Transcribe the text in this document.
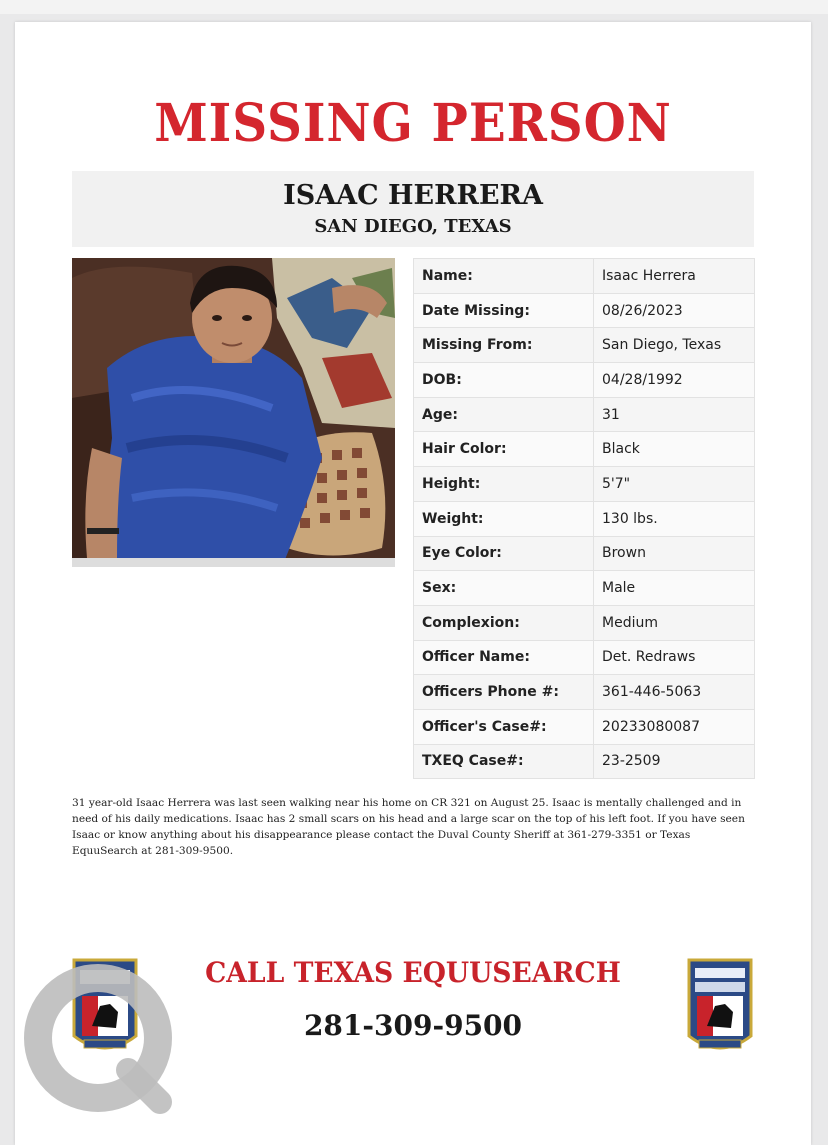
MISSING PERSON
ISAAC HERRERA
SAN DIEGO, TEXAS
Name:	Isaac Herrera
Date Missing:	08/26/2023
Missing From:	San Diego, Texas
DOB:	04/28/1992
Age:	31
Hair Color:	Black
Height:	5'7"
Weight:	130 lbs.
Eye Color:	Brown
Sex:	Male
Complexion:	Medium
Officer Name:	Det. Redraws
Officers Phone #:	361-446-5063
Officer's Case#:	20233080087
TXEQ Case#:	23-2509
31 year-old Isaac Herrera was last seen walking near his home on CR 321 on August 25. Isaac is mentally challenged and in need of his daily medications. Isaac has 2 small scars on his head and a large scar on the top of his left foot. If you have seen Isaac or know anything about his disappearance please contact the Duval County Sheriff at 361-279-3351 or Texas EquuSearch at 281-309-9500.
CALL TEXAS EQUUSEARCH
281-309-9500
